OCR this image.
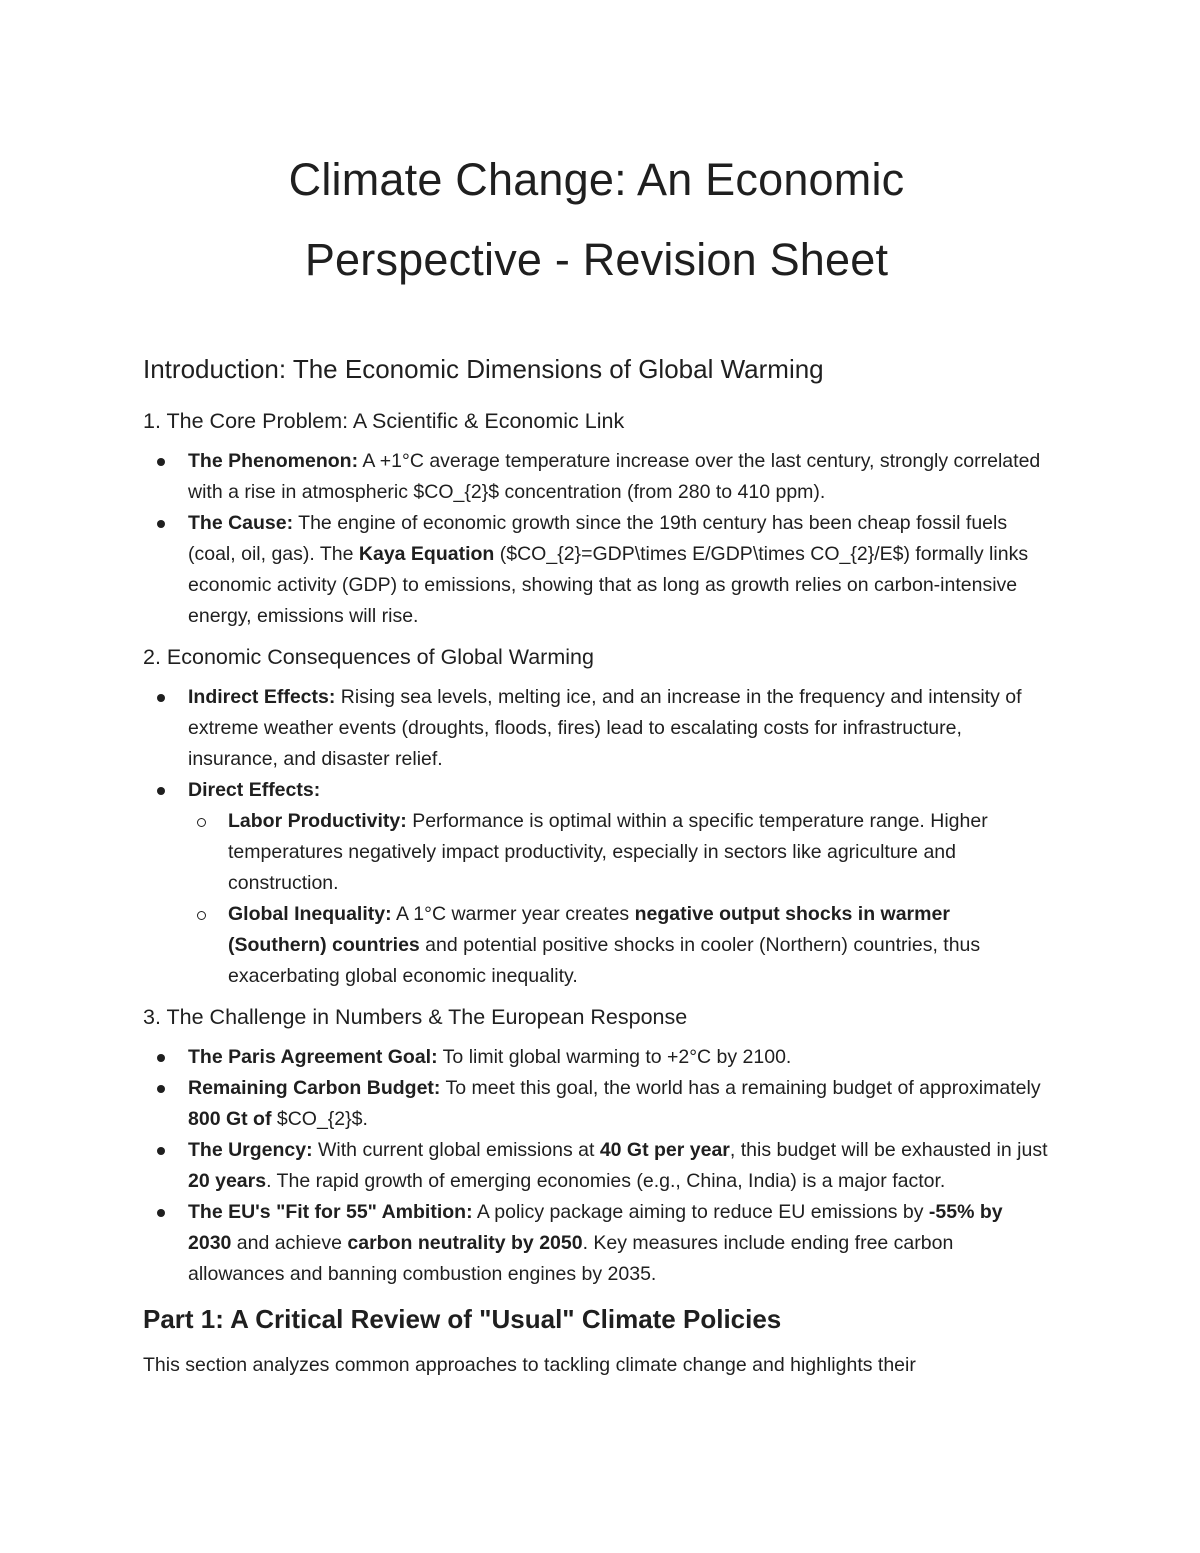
Climate Change: An Economic
Perspective - Revision Sheet
Introduction: The Economic Dimensions of Global Warming
1. The Core Problem: A Scientific & Economic Link
The Phenomenon: A +1°C average temperature increase over the last century, strongly correlated with a rise in atmospheric $CO_{2}$ concentration (from 280 to 410 ppm).
The Cause: The engine of economic growth since the 19th century has been cheap fossil fuels (coal, oil, gas). The Kaya Equation ($CO_{2}=GDP\times E/GDP\times CO_{2}/E$) formally links economic activity (GDP) to emissions, showing that as long as growth relies on carbon-intensive energy, emissions will rise.
2. Economic Consequences of Global Warming
Indirect Effects: Rising sea levels, melting ice, and an increase in the frequency and intensity of extreme weather events (droughts, floods, fires) lead to escalating costs for infrastructure, insurance, and disaster relief.
Direct Effects:
Labor Productivity: Performance is optimal within a specific temperature range. Higher temperatures negatively impact productivity, especially in sectors like agriculture and construction.
Global Inequality: A 1°C warmer year creates negative output shocks in warmer (Southern) countries and potential positive shocks in cooler (Northern) countries, thus exacerbating global economic inequality.
3. The Challenge in Numbers & The European Response
The Paris Agreement Goal: To limit global warming to +2°C by 2100.
Remaining Carbon Budget: To meet this goal, the world has a remaining budget of approximately 800 Gt of $CO_{2}$.
The Urgency: With current global emissions at 40 Gt per year, this budget will be exhausted in just 20 years. The rapid growth of emerging economies (e.g., China, India) is a major factor.
The EU's "Fit for 55" Ambition: A policy package aiming to reduce EU emissions by -55% by 2030 and achieve carbon neutrality by 2050. Key measures include ending free carbon allowances and banning combustion engines by 2035.
Part 1: A Critical Review of "Usual" Climate Policies

This section analyzes common approaches to tackling climate change and highlights their
